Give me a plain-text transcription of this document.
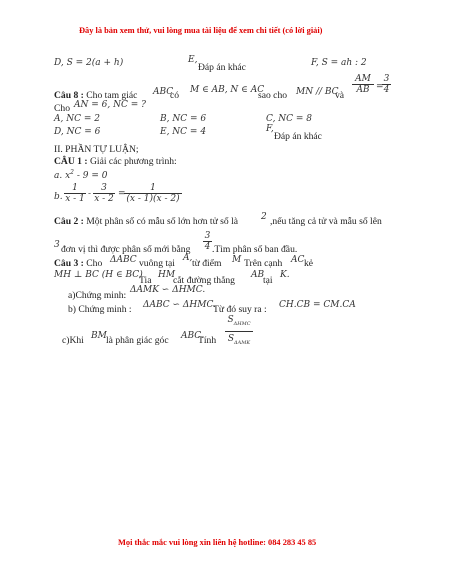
Đây là bản xem thử, vui lòng mua tài liệu để xem chi tiết (có lời giải)
D, S = 2(a + h)	E,
Đáp án khác	F, S = ah : 2
Câu 8 : Cho tam giác ABC
có M ∈ AB, N ∈ AC
sao cho MN // BC
và
$\frac{AM}{AB}$ =
$\frac{3}{4}$
Cho AN = 6, NC = ?
A, NC = 2	B, NC = 6	C, NC = 8
D, NC = 6	E, NC = 4	F,
Đáp án khác
II. PHẦN TỰ LUẬN;
CÂU 1 : Giải các phương trình:
a. $x^2 - 9 = 0$
b. $\frac{1}{x - 1} - \frac{3}{x - 2}$ =
$\frac{1}{(x - 1)(x - 2)}$
Câu 2 : Một phân số có mẫu số lớn hơn tử số là	2 ,nếu tăng cả tử và mẫu số lên
3 đơn vị thì được phân số mới bằng $\frac{3}{4}$ .Tìm phân số ban đầu.
Câu 3 : Cho ΔABC vuông tại A, từ điểm M Trên cạnh AC kẻ
MH ⊥ BC (H ∈ BC)
Tia HM
cắt đường thẳng AB
tại K.
a)Chứng minh: ΔAMK ∽ ΔHMC.
b) Chứng minh : ΔABC ∽ ΔHMC.
Từ đó suy ra : CH.CB = CM.CA
c)Khi BM là phân giác góc ABC.
Tính
$S_{\Delta HMC}$
$S_{\Delta AMK}$
Mọi thắc mắc vui lòng xin liên hệ hotline: 084 283 45 85
